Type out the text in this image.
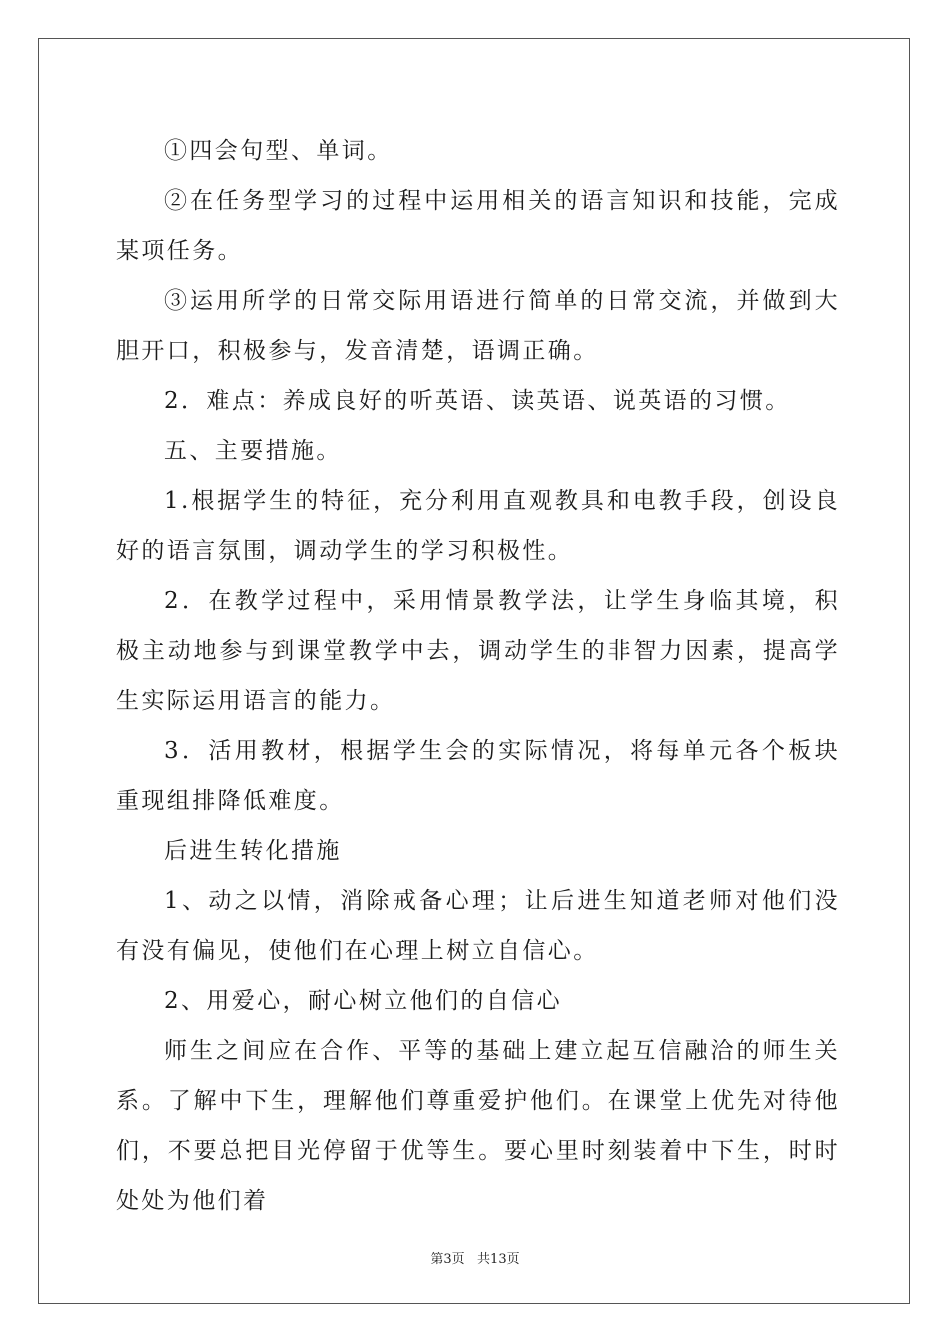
①四会句型、单词。

②在任务型学习的过程中运用相关的语言知识和技能，完成某项任务。

③运用所学的日常交际用语进行简单的日常交流，并做到大胆开口，积极参与，发音清楚，语调正确。

2．难点：养成良好的听英语、读英语、说英语的习惯。

五、主要措施。

1.根据学生的特征，充分利用直观教具和电教手段，创设良好的语言氛围，调动学生的学习积极性。

2．在教学过程中，采用情景教学法，让学生身临其境，积极主动地参与到课堂教学中去，调动学生的非智力因素，提高学生实际运用语言的能力。

3．活用教材，根据学生会的实际情况，将每单元各个板块重现组排降低难度。

后进生转化措施

1、动之以情，消除戒备心理；让后进生知道老师对他们没有没有偏见，使他们在心理上树立自信心。

2、用爱心，耐心树立他们的自信心

师生之间应在合作、平等的基础上建立起互信融洽的师生关系。了解中下生，理解他们尊重爱护他们。在课堂上优先对待他们，不要总把目光停留于优等生。要心里时刻装着中下生，时时处处为他们着

第3页   共13页
